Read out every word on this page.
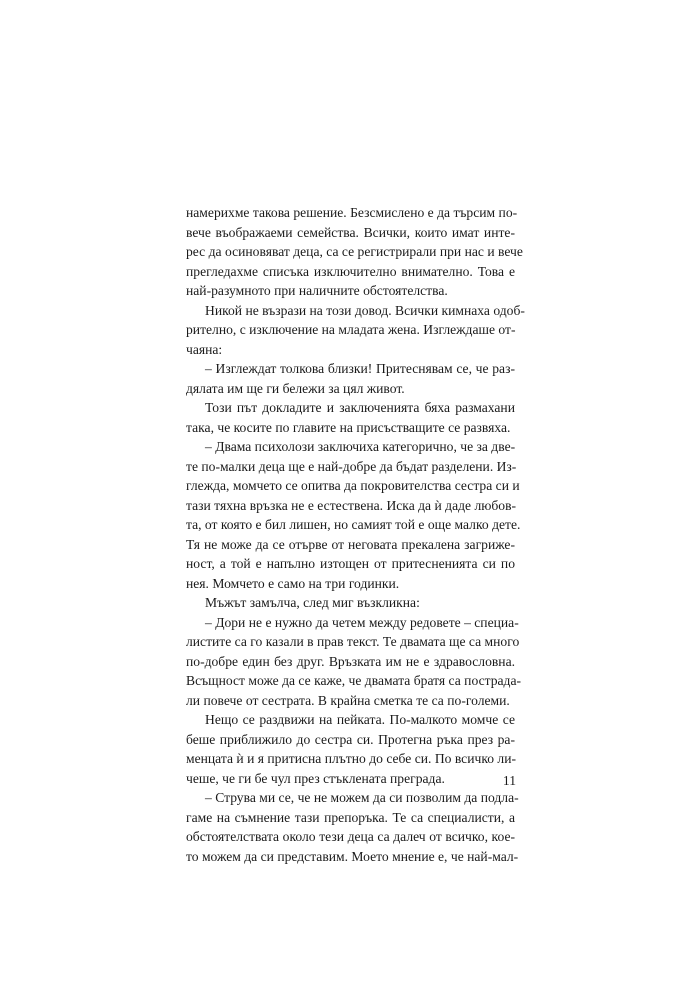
намерихме такова решение. Безсмислено е да търсим по-
вече въображаеми семейства. Всички, които имат инте-
рес да осиновяват деца, са се регистрирали при нас и вече
прегледахме списъка изключително внимателно. Това е
най-разумното при наличните обстоятелства.
Никой не възрази на този довод. Всички кимнаха одоб-
рително, с изключение на младата жена. Изглеждаше от-
чаяна:
– Изглеждат толкова близки! Притеснявам се, че раз-
дялата им ще ги бележи за цял живот.
Този път докладите и заключенията бяха размахани
така, че косите по главите на присъстващите се развяха.
– Двама психолози заключиха категорично, че за две-
те по-малки деца ще е най-добре да бъдат разделени. Из-
глежда, момчето се опитва да покровителства сестра си и
тази тяхна връзка не е естествена. Иска да ѝ даде любов-
та, от която е бил лишен, но самият той е още малко дете.
Тя не може да се отърве от неговата прекалена загриже-
ност, а той е напълно изтощен от притесненията си по
нея. Момчето е само на три годинки.
Мъжът замълча, след миг възкликна:
– Дори не е нужно да четем между редовете – специа-
листите са го казали в прав текст. Те двамата ще са много
по-добре един без друг. Връзката им не е здравословна.
Всъщност може да се каже, че двамата братя са пострада-
ли повече от сестрата. В крайна сметка те са по-големи.
Нещо се раздвижи на пейката. По-малкото момче се
беше приближило до сестра си. Протегна ръка през ра-
менцата ѝ и я притисна плътно до себе си. По всичко ли-
чеше, че ги бе чул през стъклената преграда.
– Струва ми се, че не можем да си позволим да подла-
гаме на съмнение тази препоръка. Те са специалисти, а
обстоятелствата около тези деца са далеч от всичко, кое-
то можем да си представим. Моето мнение е, че най-мал-
11
